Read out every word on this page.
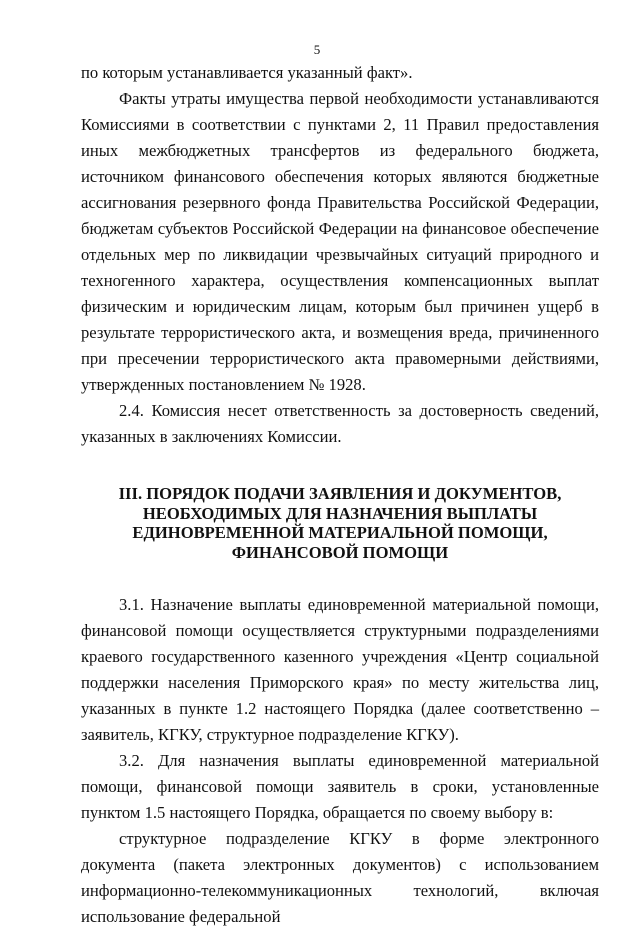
5

по которым устанавливается указанный факт».

Факты утраты имущества первой необходимости устанавливаются Комиссиями в соответствии с пунктами 2, 11 Правил предоставления иных межбюджетных трансфертов из федерального бюджета, источником финансового обеспечения которых являются бюджетные ассигнования резервного фонда Правительства Российской Федерации, бюджетам субъектов Российской Федерации на финансовое обеспечение отдельных мер по ликвидации чрезвычайных ситуаций природного и техногенного характера, осуществления компенсационных выплат физическим и юридическим лицам, которым был причинен ущерб в результате террористического акта, и возмещения вреда, причиненного при пресечении террористического акта правомерными действиями, утвержденных постановлением № 1928.

2.4. Комиссия несет ответственность за достоверность сведений, указанных в заключениях Комиссии.

III. ПОРЯДОК ПОДАЧИ ЗАЯВЛЕНИЯ И ДОКУМЕНТОВ,
НЕОБХОДИМЫХ ДЛЯ НАЗНАЧЕНИЯ ВЫПЛАТЫ
ЕДИНОВРЕМЕННОЙ МАТЕРИАЛЬНОЙ ПОМОЩИ,
ФИНАНСОВОЙ ПОМОЩИ

3.1. Назначение выплаты единовременной материальной помощи, финансовой помощи осуществляется структурными подразделениями краевого государственного казенного учреждения «Центр социальной поддержки населения Приморского края» по месту жительства лиц, указанных в пункте 1.2 настоящего Порядка (далее соответственно – заявитель, КГКУ, структурное подразделение КГКУ).

3.2. Для назначения выплаты единовременной материальной помощи, финансовой помощи заявитель в сроки, установленные пунктом 1.5 настоящего Порядка, обращается по своему выбору в:

структурное подразделение КГКУ в форме электронного документа (пакета электронных документов) с использованием информационно-телекоммуникационных технологий, включая использование федеральной
